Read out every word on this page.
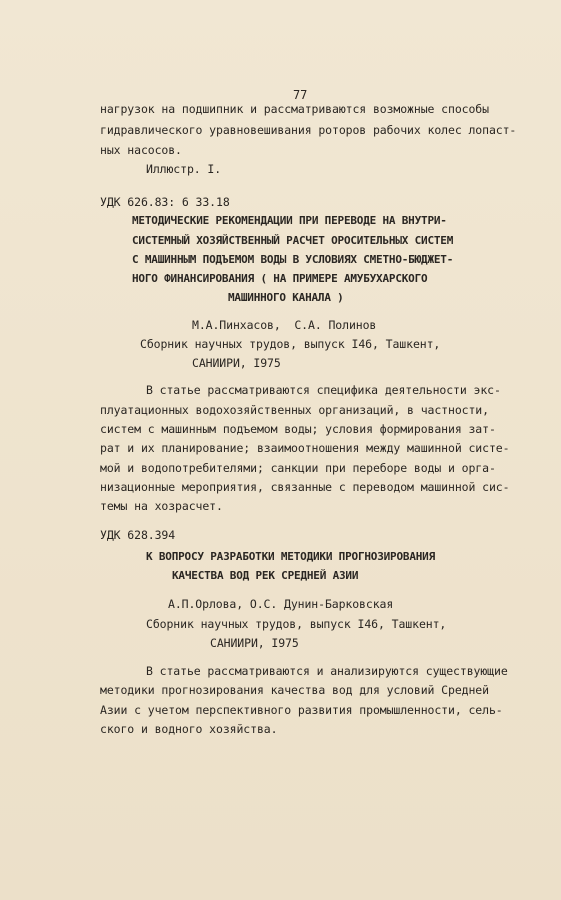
77

нагрузок на подшипник и рассматриваются возможные способы

гидравлического уравновешивания роторов рабочих колес лопаст-

ных насосов.

Иллюстр. I.

УДК 626.83: 6 33.18

МЕТОДИЧЕСКИЕ РЕКОМЕНДАЦИИ ПРИ ПЕРЕВОДЕ НА ВНУТРИ-

СИСТЕМНЫЙ ХОЗЯЙСТВЕННЫЙ РАСЧЕТ ОРОСИТЕЛЬНЫХ СИСТЕМ

С МАШИННЫМ ПОДЪЕМОМ ВОДЫ В УСЛОВИЯХ СМЕТНО-БЮДЖЕТ-

НОГО ФИНАНСИРОВАНИЯ ( НА ПРИМЕРЕ АМУБУХАРСКОГО

МАШИННОГО КАНАЛА )

М.А.Пинхасов,  С.А. Полинов

Сборник научных трудов, выпуск I46, Ташкент,

САНИИРИ, I975

В статье рассматриваются специфика деятельности экс-

плуатационных водохозяйственных организаций, в частности,

систем с машинным подъемом воды; условия формирования зат-

рат и их планирование; взаимоотношения между машинной систе-

мой и водопотребителями; санкции при переборе воды и орга-

низационные мероприятия, связанные с переводом машинной сис-

темы на хозрасчет.

УДК 628.394

К ВОПРОСУ РАЗРАБОТКИ МЕТОДИКИ ПРОГНОЗИРОВАНИЯ

КАЧЕСТВА ВОД РЕК СРЕДНЕЙ АЗИИ

А.П.Орлова, О.С. Дунин-Барковская

Сборник научных трудов, выпуск I46, Ташкент,

САНИИРИ, I975

В статье рассматриваются и анализируются существующие

методики прогнозирования качества вод для условий Средней

Азии с учетом перспективного развития промышленности, сель-

ского и водного хозяйства.
